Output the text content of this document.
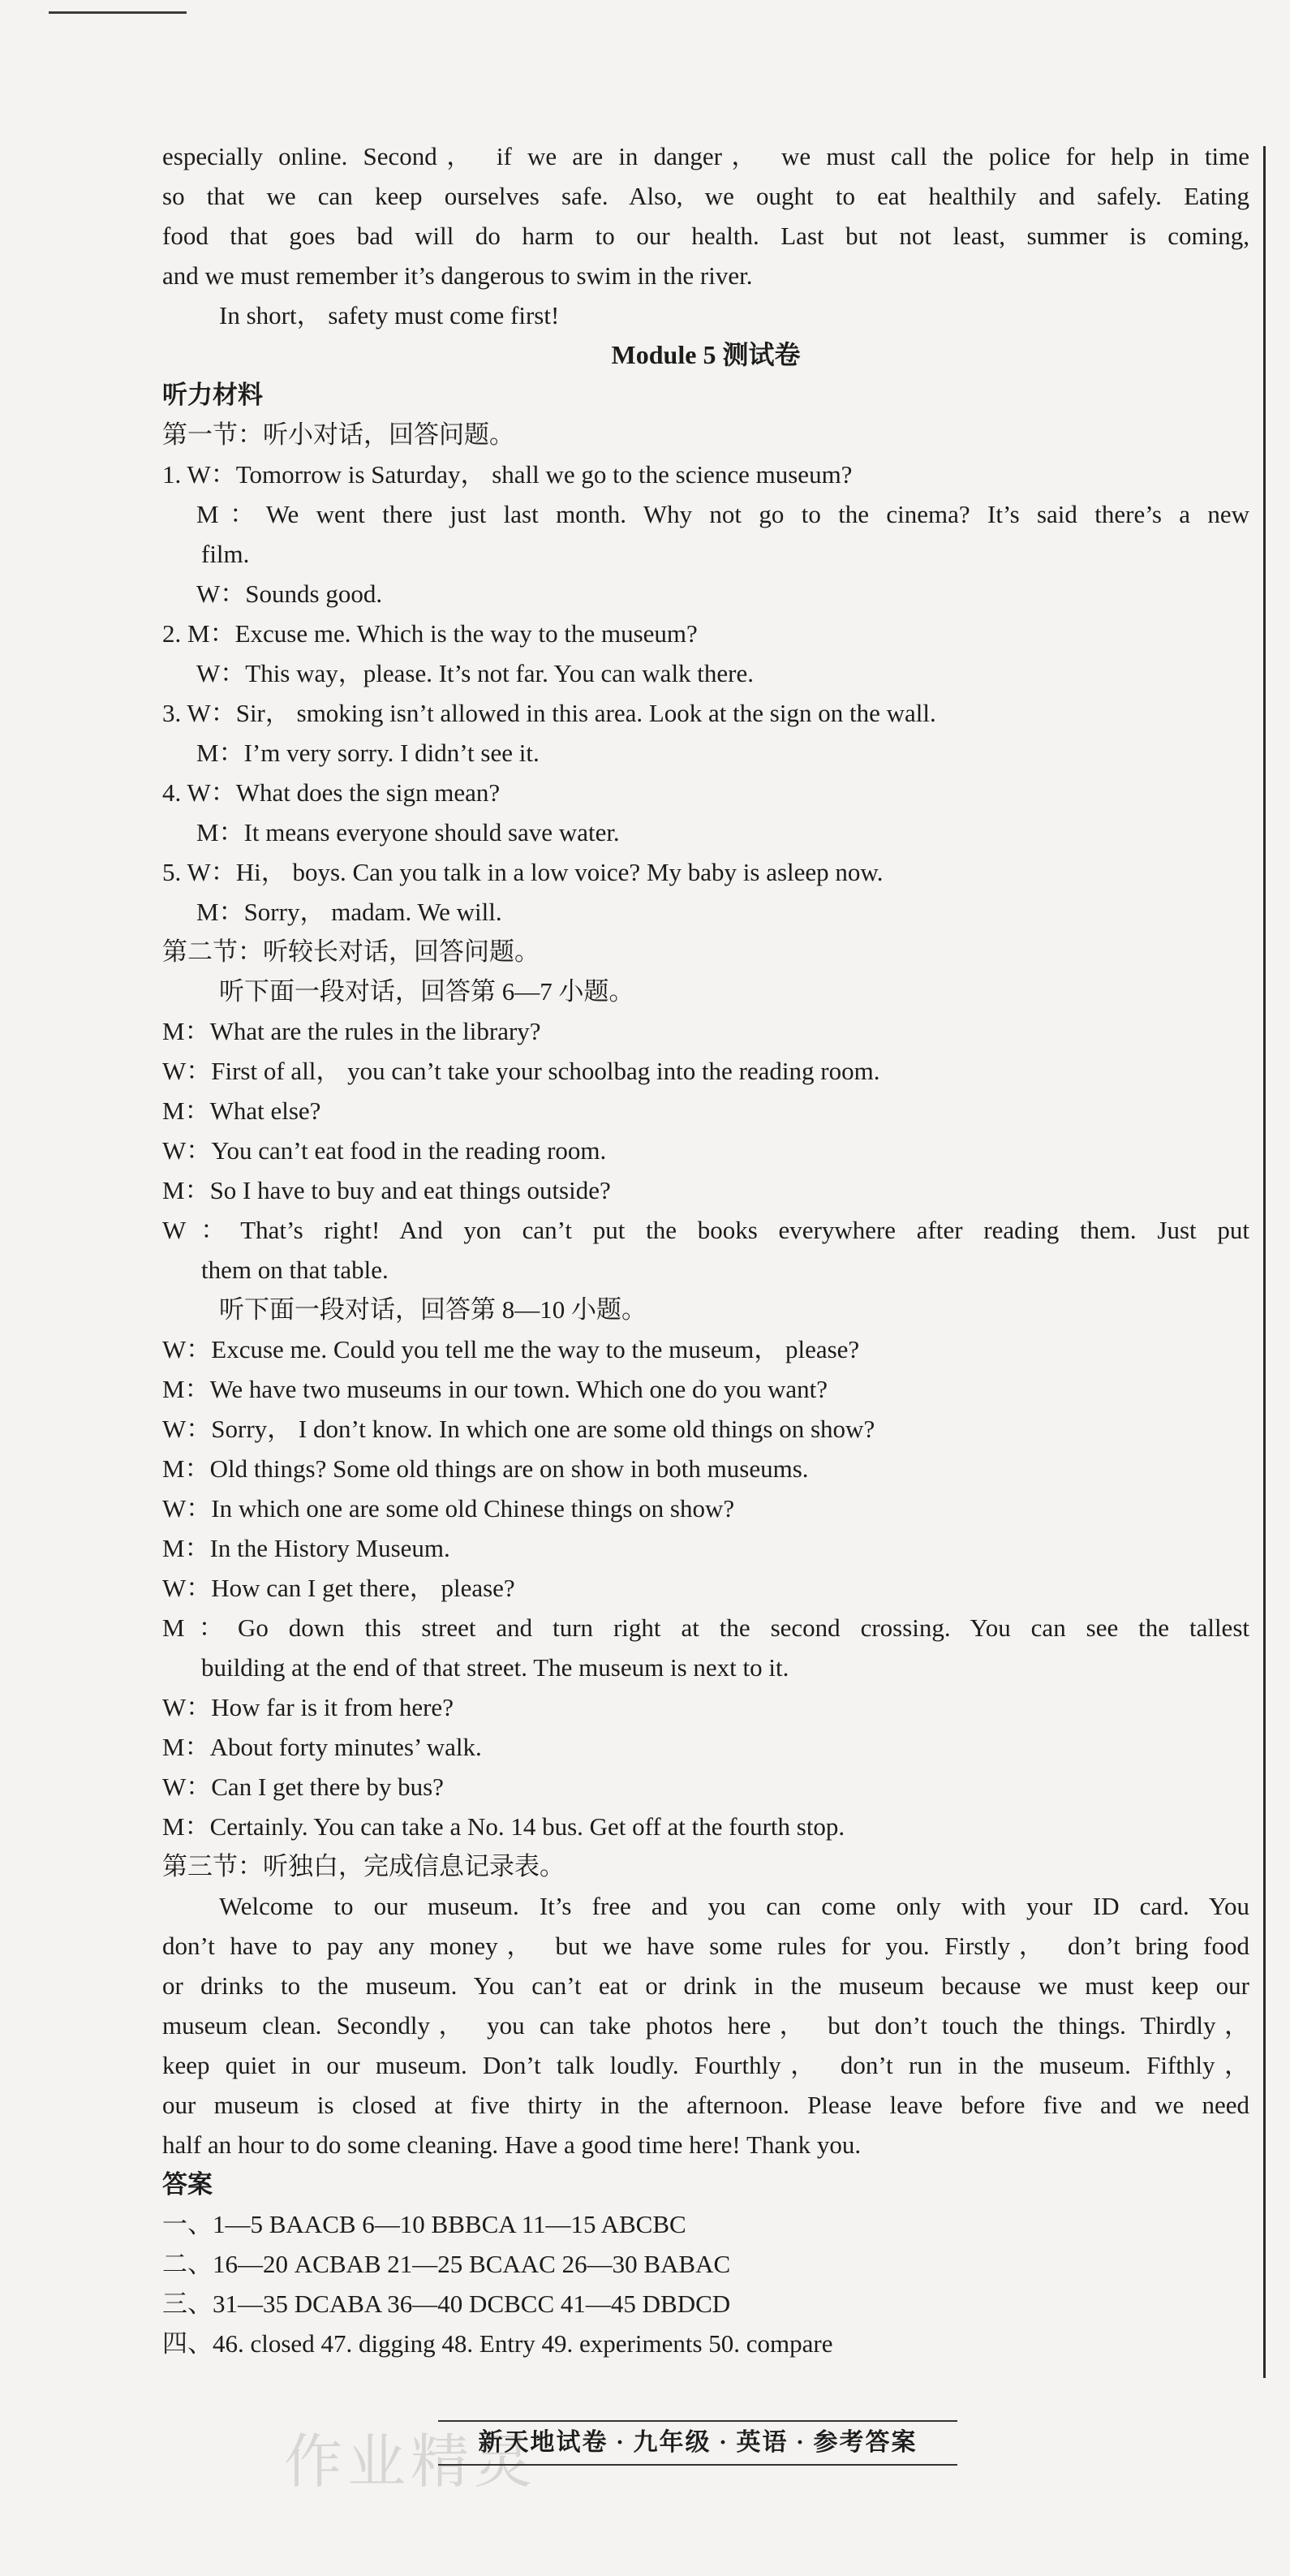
especially online. Second， if we are in danger， we must call the police for help in time
so that we can keep ourselves safe. Also, we ought to eat healthily and safely. Eating
food that goes bad will do harm to our health. Last but not least, summer is coming,
and we must remember it’s dangerous to swim in the river.
In short， safety must come first!
Module 5 测试卷
听力材料
第一节：听小对话，回答问题。
1. W：Tomorrow is Saturday， shall we go to the science museum?
M：We went there just last month. Why not go to the cinema? It’s said there’s a new
film.
W：Sounds good.
2. M：Excuse me. Which is the way to the museum?
W：This way，please. It’s not far. You can walk there.
3. W：Sir， smoking isn’t allowed in this area. Look at the sign on the wall.
M：I’m very sorry. I didn’t see it.
4. W：What does the sign mean?
M：It means everyone should save water.
5. W：Hi， boys. Can you talk in a low voice? My baby is asleep now.
M：Sorry， madam. We will.
第二节：听较长对话，回答问题。
听下面一段对话，回答第 6—7 小题。
M：What are the rules in the library?
W：First of all， you can’t take your schoolbag into the reading room.
M：What else?
W：You can’t eat food in the reading room.
M：So I have to buy and eat things outside?
W：That’s right! And yon can’t put the books everywhere after reading them. Just put
them on that table.
听下面一段对话，回答第 8—10 小题。
W：Excuse me. Could you tell me the way to the museum， please?
M：We have two museums in our town. Which one do you want?
W：Sorry， I don’t know. In which one are some old things on show?
M：Old things? Some old things are on show in both museums.
W：In which one are some old Chinese things on show?
M：In the History Museum.
W：How can I get there， please?
M：Go down this street and turn right at the second crossing. You can see the tallest
building at the end of that street. The museum is next to it.
W：How far is it from here?
M：About forty minutes’ walk.
W：Can I get there by bus?
M：Certainly. You can take a No. 14 bus. Get off at the fourth stop.
第三节：听独白，完成信息记录表。
Welcome to our museum. It’s free and you can come only with your ID card. You
don’t have to pay any money， but we have some rules for you. Firstly， don’t bring food
or drinks to the museum. You can’t eat or drink in the museum because we must keep our
museum clean. Secondly， you can take photos here， but don’t touch the things. Thirdly，
keep quiet in our museum. Don’t talk loudly. Fourthly， don’t run in the museum. Fifthly，
our museum is closed at five thirty in the afternoon. Please leave before five and we need
half an hour to do some cleaning. Have a good time here! Thank you.
答案
一、1—5 BAACB 6—10 BBBCA 11—15 ABCBC
二、16—20 ACBAB 21—25 BCAAC 26—30 BABAC
三、31—35 DCABA 36—40 DCBCC 41—45 DBDCD
四、46. closed 47. digging 48. Entry 49. experiments 50. compare
作业精灵
新天地试卷 · 九年级 · 英语 · 参考答案
